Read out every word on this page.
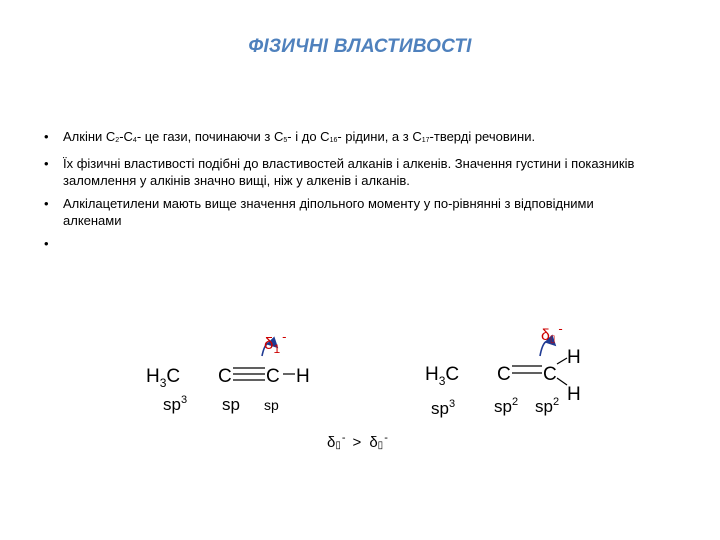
ФІЗИЧНІ ВЛАСТИВОСТІ
• Алкіни $С_2-С_4-$ це гази, починаючи з $С_5-$ і до $С_{16}-$ рідини, а з $С_{17}$-тверді речовини.
• Їх фізичні властивості подібні до властивостей алканів і алкенів. Значення густини і показників заломлення у алкінів значно вищі, ніж у алкенів і алканів.
• Алкілацетилени мають вище значення діпольного моменту у по-рівнянні з відповідними алкенами
•
$H_3C$ C C H
$sp^3$ sp sp
$\delta_1^-$
$H_3C$ C C
H
H
$sp^3$ $sp^2$ $sp^2$
δ▯-
δ▯- > δ▯-
